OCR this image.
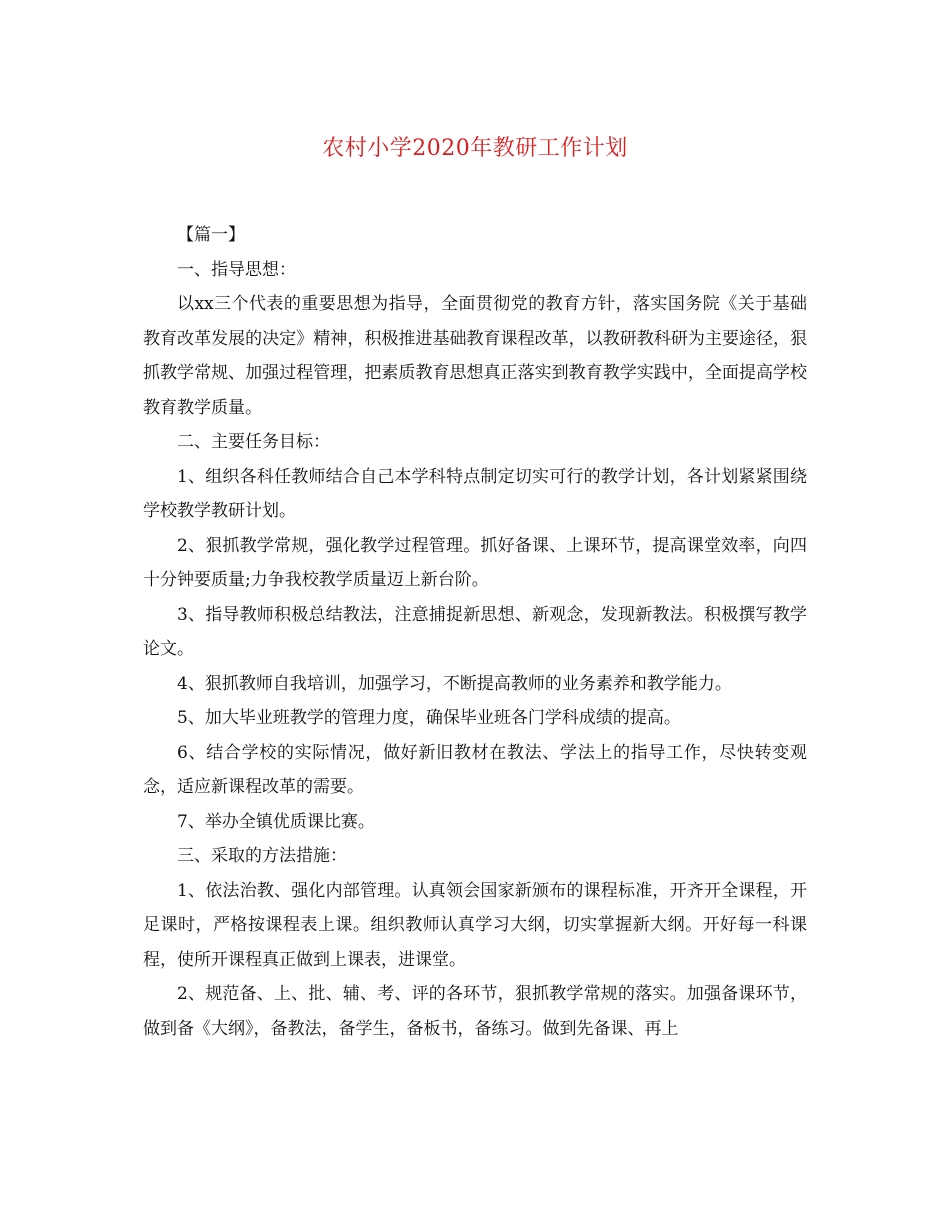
农村小学2020年教研工作计划

【篇一】

一、指导思想：

以xx三个代表的重要思想为指导，全面贯彻党的教育方针，落实国务院《关于基础教育改革发展的决定》精神，积极推进基础教育课程改革，以教研教科研为主要途径，狠抓教学常规、加强过程管理，把素质教育思想真正落实到教育教学实践中，全面提高学校教育教学质量。

二、主要任务目标：

1、组织各科任教师结合自己本学科特点制定切实可行的教学计划，各计划紧紧围绕学校教学教研计划。

2、狠抓教学常规，强化教学过程管理。抓好备课、上课环节，提高课堂效率，向四十分钟要质量;力争我校教学质量迈上新台阶。

3、指导教师积极总结教法，注意捕捉新思想、新观念，发现新教法。积极撰写教学论文。

4、狠抓教师自我培训，加强学习，不断提高教师的业务素养和教学能力。

5、加大毕业班教学的管理力度，确保毕业班各门学科成绩的提高。

6、结合学校的实际情况，做好新旧教材在教法、学法上的指导工作，尽快转变观念，适应新课程改革的需要。

7、举办全镇优质课比赛。

三、采取的方法措施：

1、依法治教、强化内部管理。认真领会国家新颁布的课程标准，开齐开全课程，开足课时，严格按课程表上课。组织教师认真学习大纲，切实掌握新大纲。开好每一科课程，使所开课程真正做到上课表，进课堂。

2、规范备、上、批、辅、考、评的各环节，狠抓教学常规的落实。加强备课环节，做到备《大纲》，备教法，备学生，备板书，备练习。做到先备课、再上
